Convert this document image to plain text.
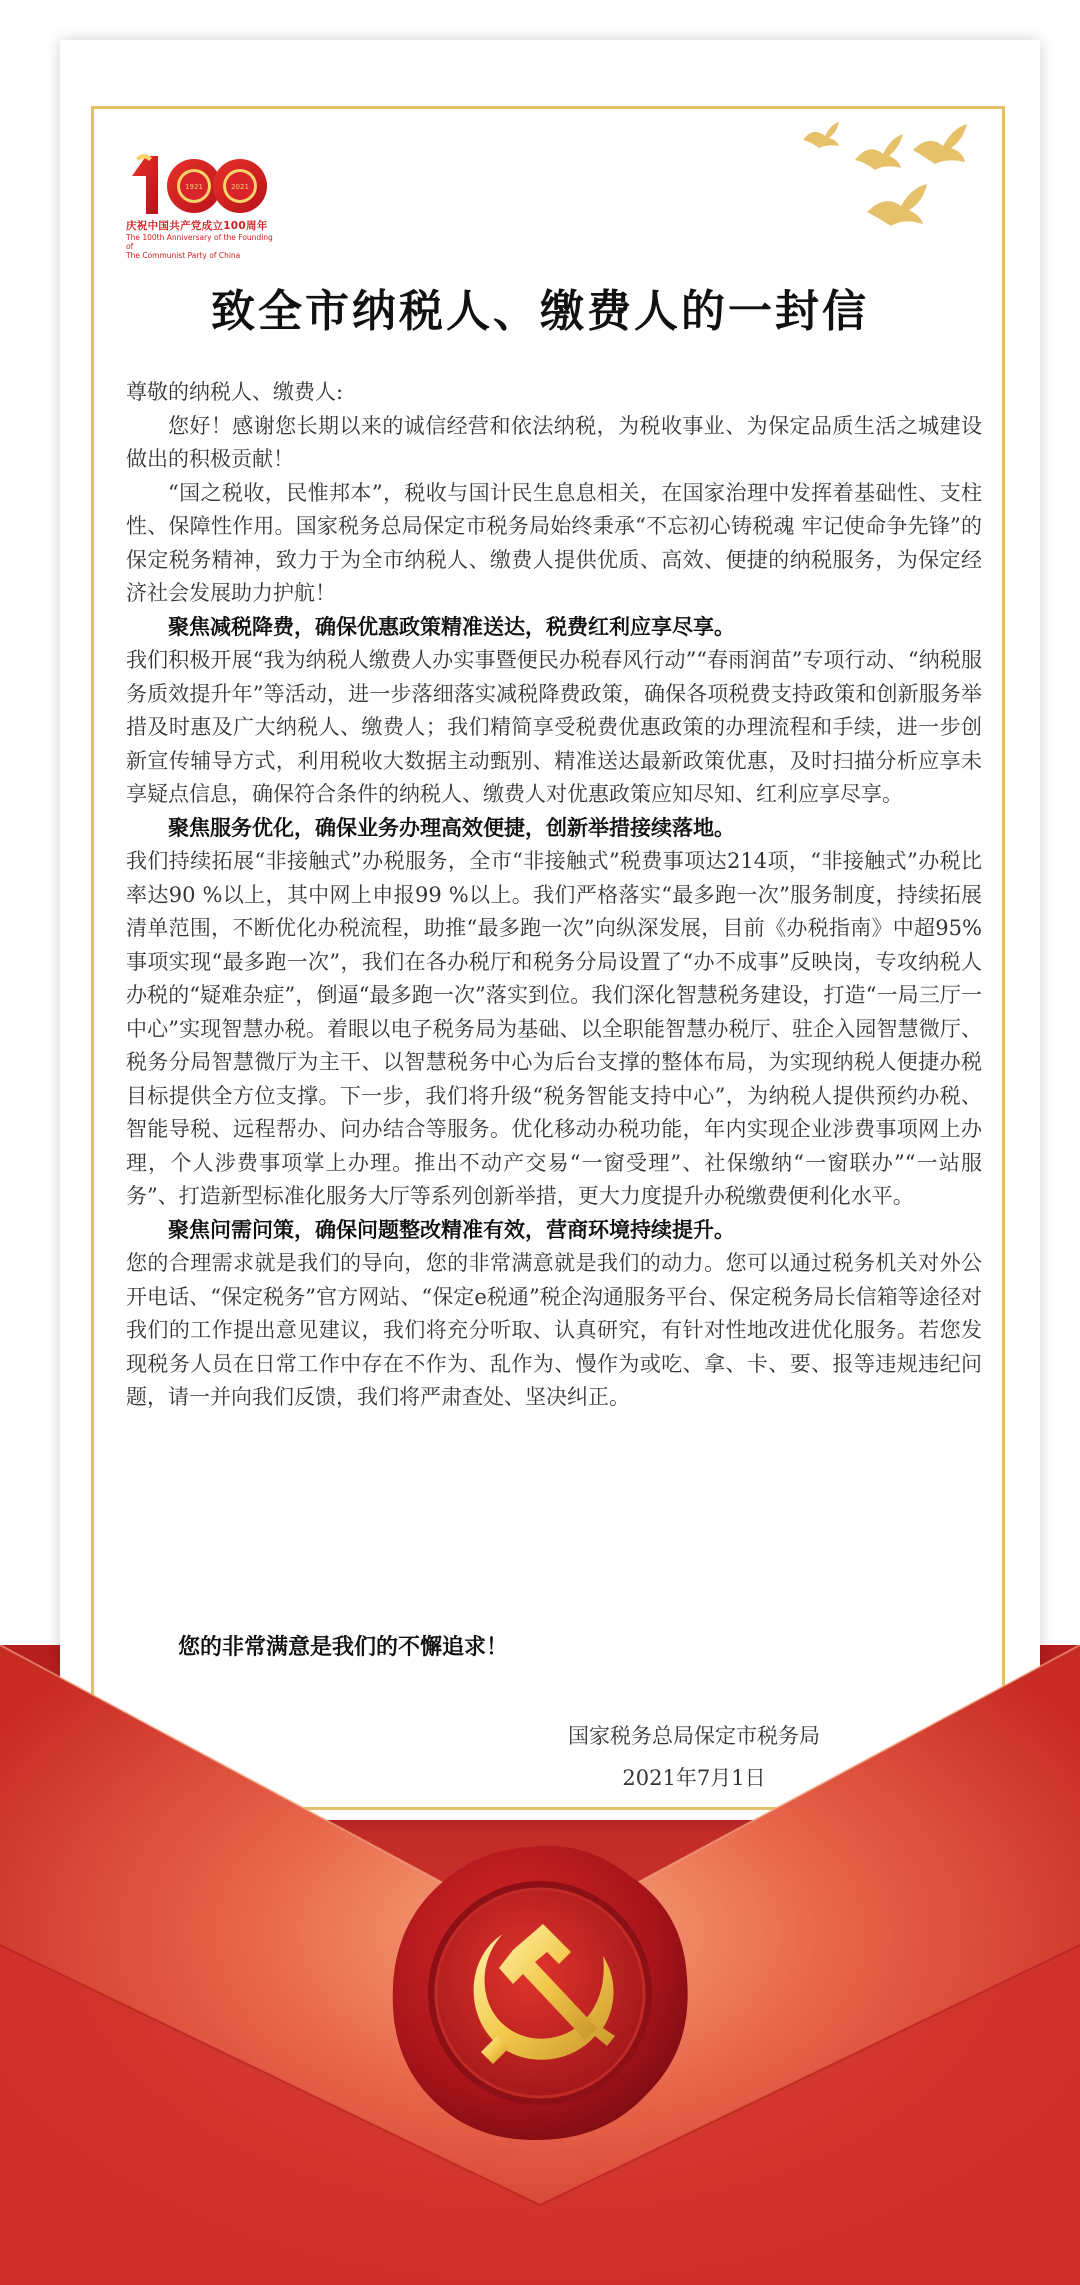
1921	2021
庆祝中国共产党成立100周年
The 100th Anniversary of the Founding of
The Communist Party of China
致全市纳税人、缴费人的一封信

尊敬的纳税人、缴费人:

您好！感谢您长期以来的诚信经营和依法纳税，为税收事业、为保定品质生活之城建设做出的积极贡献！

“国之税收，民惟邦本”，税收与国计民生息息相关，在国家治理中发挥着基础性、支柱性、保障性作用。国家税务总局保定市税务局始终秉承“不忘初心铸税魂 牢记使命争先锋”的保定税务精神，致力于为全市纳税人、缴费人提供优质、高效、便捷的纳税服务，为保定经济社会发展助力护航！

聚焦减税降费，确保优惠政策精准送达，税费红利应享尽享。

我们积极开展“我为纳税人缴费人办实事暨便民办税春风行动”“春雨润苗”专项行动、“纳税服务质效提升年”等活动，进一步落细落实减税降费政策，确保各项税费支持政策和创新服务举措及时惠及广大纳税人、缴费人；我们精简享受税费优惠政策的办理流程和手续，进一步创新宣传辅导方式，利用税收大数据主动甄别、精准送达最新政策优惠，及时扫描分析应享未享疑点信息，确保符合条件的纳税人、缴费人对优惠政策应知尽知、红利应享尽享。

聚焦服务优化，确保业务办理高效便捷，创新举措接续落地。

我们持续拓展“非接触式”办税服务，全市“非接触式”税费事项达214项，“非接触式”办税比率达90 %以上，其中网上申报99 %以上。我们严格落实“最多跑一次”服务制度，持续拓展清单范围，不断优化办税流程，助推“最多跑一次”向纵深发展，目前《办税指南》中超95%事项实现“最多跑一次”，我们在各办税厅和税务分局设置了“办不成事”反映岗，专攻纳税人办税的“疑难杂症”，倒逼“最多跑一次”落实到位。我们深化智慧税务建设，打造“一局三厅一中心”实现智慧办税。着眼以电子税务局为基础、以全职能智慧办税厅、驻企入园智慧微厅、税务分局智慧微厅为主干、以智慧税务中心为后台支撑的整体布局，为实现纳税人便捷办税目标提供全方位支撑。下一步，我们将升级“税务智能支持中心”，为纳税人提供预约办税、智能导税、远程帮办、问办结合等服务。优化移动办税功能，年内实现企业涉费事项网上办理，个人涉费事项掌上办理。推出不动产交易“一窗受理”、社保缴纳“一窗联办”“一站服务”、打造新型标准化服务大厅等系列创新举措，更大力度提升办税缴费便利化水平。

聚焦问需问策，确保问题整改精准有效，营商环境持续提升。

您的合理需求就是我们的导向，您的非常满意就是我们的动力。您可以通过税务机关对外公开电话、“保定税务”官方网站、“保定e税通”税企沟通服务平台、保定税务局长信箱等途径对我们的工作提出意见建议，我们将充分听取、认真研究，有针对性地改进优化服务。若您发现税务人员在日常工作中存在不作为、乱作为、慢作为或吃、拿、卡、要、报等违规违纪问题，请一并向我们反馈，我们将严肃查处、坚决纠正。

您的非常满意是我们的不懈追求！
国家税务总局保定市税务局
2021年7月1日
